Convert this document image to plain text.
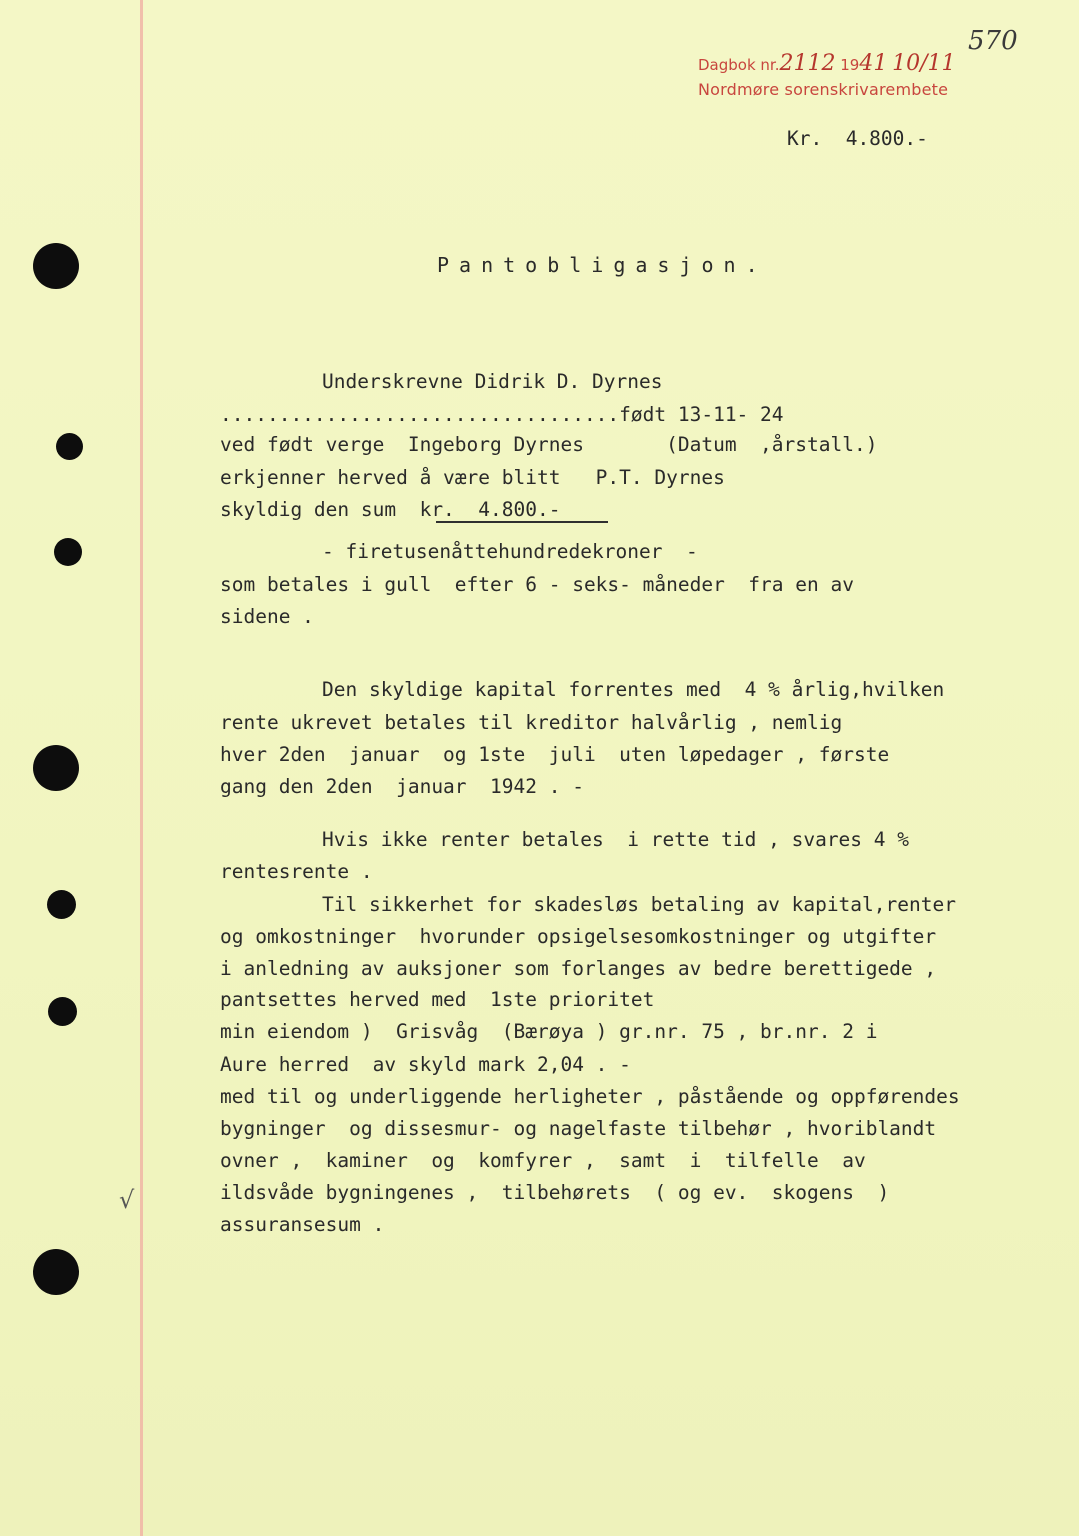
Dagbok nr.2112 1941 10/11
Nordmøre sorenskrivarembete
570
Kr.  4.800.-
Pantobligasjon.
Underskrevne Didrik D. Dyrnes
..................................født 13-11- 24
ved født verge  Ingeborg Dyrnes       (Datum  ,årstall.)
erkjenner herved å være blitt   P.T. Dyrnes
skyldig den sum  kr.  4.800.-
- firetusenåttehundredekroner  -
som betales i gull  efter 6 - seks- måneder  fra en av
sidene .
Den skyldige kapital forrentes med  4 % årlig,hvilken
rente ukrevet betales til kreditor halvårlig , nemlig
hver 2den  januar  og 1ste  juli  uten løpedager , første
gang den 2den  januar  1942 . -
Hvis ikke renter betales  i rette tid , svares 4 %
rentesrente .
Til sikkerhet for skadesløs betaling av kapital,renter
og omkostninger  hvorunder opsigelsesomkostninger og utgifter
i anledning av auksjoner som forlanges av bedre berettigede ,
pantsettes herved med  1ste prioritet
min eiendom )  Grisvåg  (Bærøya ) gr.nr. 75 , br.nr. 2 i
Aure herred  av skyld mark 2,04 . -
med til og underliggende herligheter , påstående og oppførendes
bygninger  og dissesmur- og nagelfaste tilbehør , hvoriblandt
ovner ,  kaminer  og  komfyrer ,  samt  i  tilfelle  av
ildsvåde bygningenes ,  tilbehørets  ( og ev.  skogens  )
assuransesum .
√
